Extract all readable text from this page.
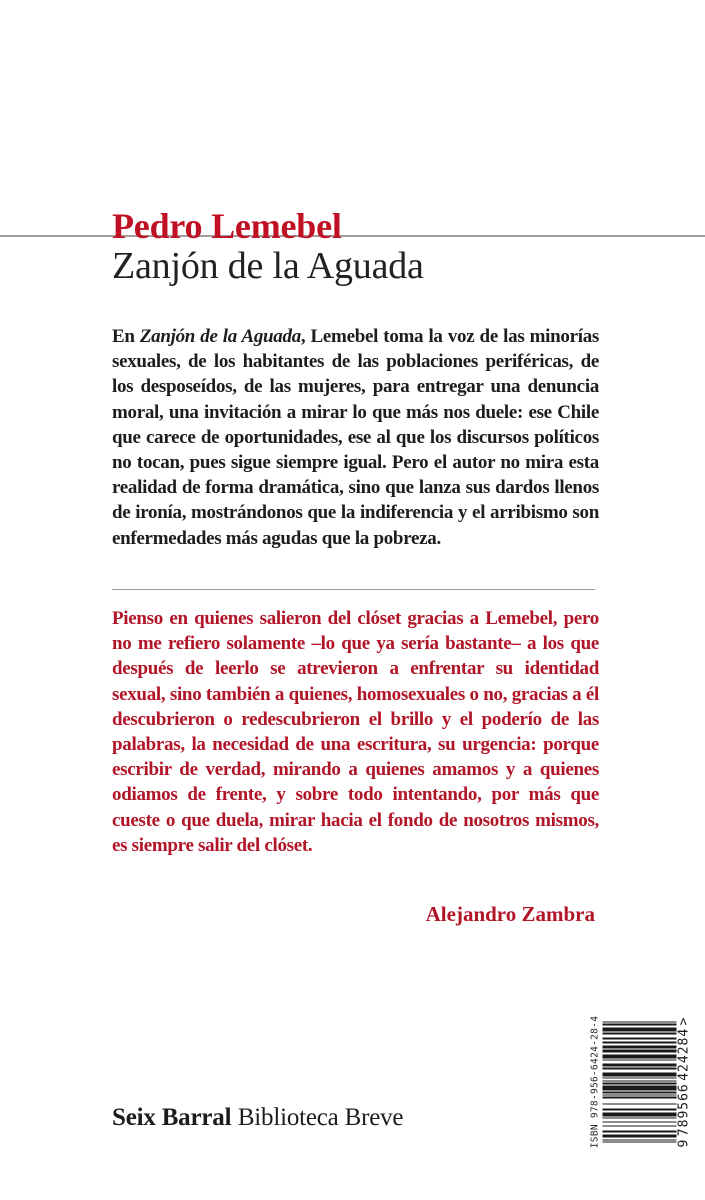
Pedro Lemebel
Zanjón de la Aguada

En Zanjón de la Aguada, Lemebel toma la voz de las minorías sexuales, de los habitantes de las poblaciones periféricas, de los desposeídos, de las mujeres, para entregar una denuncia moral, una invitación a mirar lo que más nos duele: ese Chile que carece de oportunidades, ese al que los discursos políticos no tocan, pues sigue siempre igual. Pero el autor no mira esta realidad de forma dramática, sino que lanza sus dardos llenos de ironía, mostrándonos que la indiferencia y el arribismo son enfermedades más agudas que la pobreza.

Pienso en quienes salieron del clóset gracias a Lemebel, pero no me refiero solamente –lo que ya sería bastante– a los que después de leerlo se atrevieron a enfrentar su identidad sexual, sino también a quienes, homosexuales o no, gracias a él descubrieron o redescubrieron el brillo y el poderío de las palabras, la necesidad de una escritura, su urgencia: porque escribir de verdad, mirando a quienes amamos y a quienes odiamos de frente, y sobre todo intentando, por más que cueste o que duela, mirar hacia el fondo de nosotros mismos, es siempre salir del clóset.

Alejandro Zambra
ISBN 978-956-6424-28-4	9
789566
424284
>
Seix Barral Biblioteca Breve
